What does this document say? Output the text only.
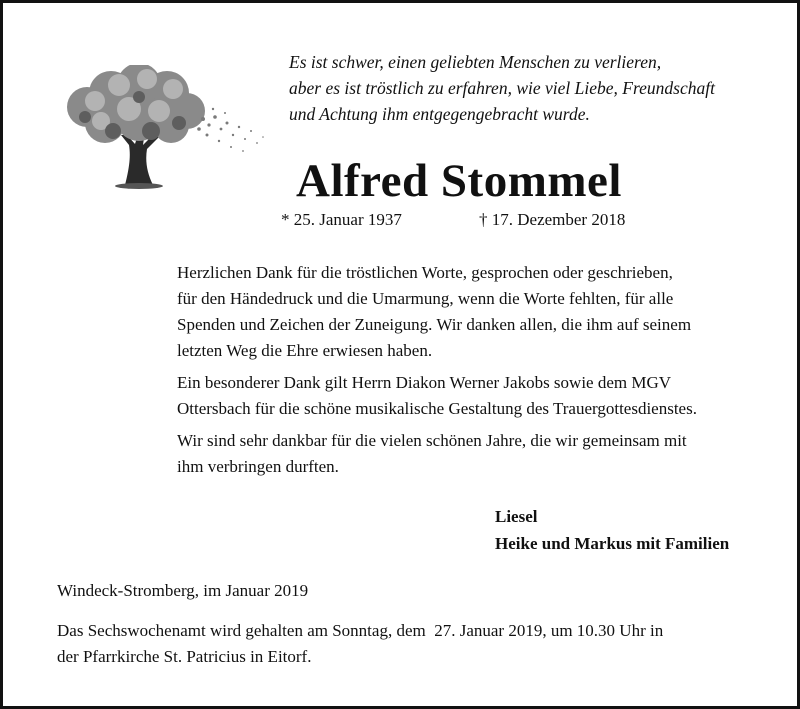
Es ist schwer, einen geliebten Menschen zu verlieren,
aber es ist tröstlich zu erfahren, wie viel Liebe, Freundschaft
und Achtung ihm entgegengebracht wurde.
Alfred Stommel
* 25. Januar 1937	† 17. Dezember 2018
Herzlichen Dank für die tröstlichen Worte, gesprochen oder geschrieben,
für den Händedruck und die Umarmung, wenn die Worte fehlten, für alle
Spenden und Zeichen der Zuneigung. Wir danken allen, die ihm auf seinem
letzten Weg die Ehre erwiesen haben.
Ein besonderer Dank gilt Herrn Diakon Werner Jakobs sowie dem MGV
Ottersbach für die schöne musikalische Gestaltung des Trauergottesdienstes.
Wir sind sehr dankbar für die vielen schönen Jahre, die wir gemeinsam mit
ihm verbringen durften.
Liesel
Heike und Markus mit Familien
Windeck-Stromberg, im Januar 2019
Das Sechswochenamt wird gehalten am Sonntag, dem  27. Januar 2019, um 10.30 Uhr in
der Pfarrkirche St. Patricius in Eitorf.
